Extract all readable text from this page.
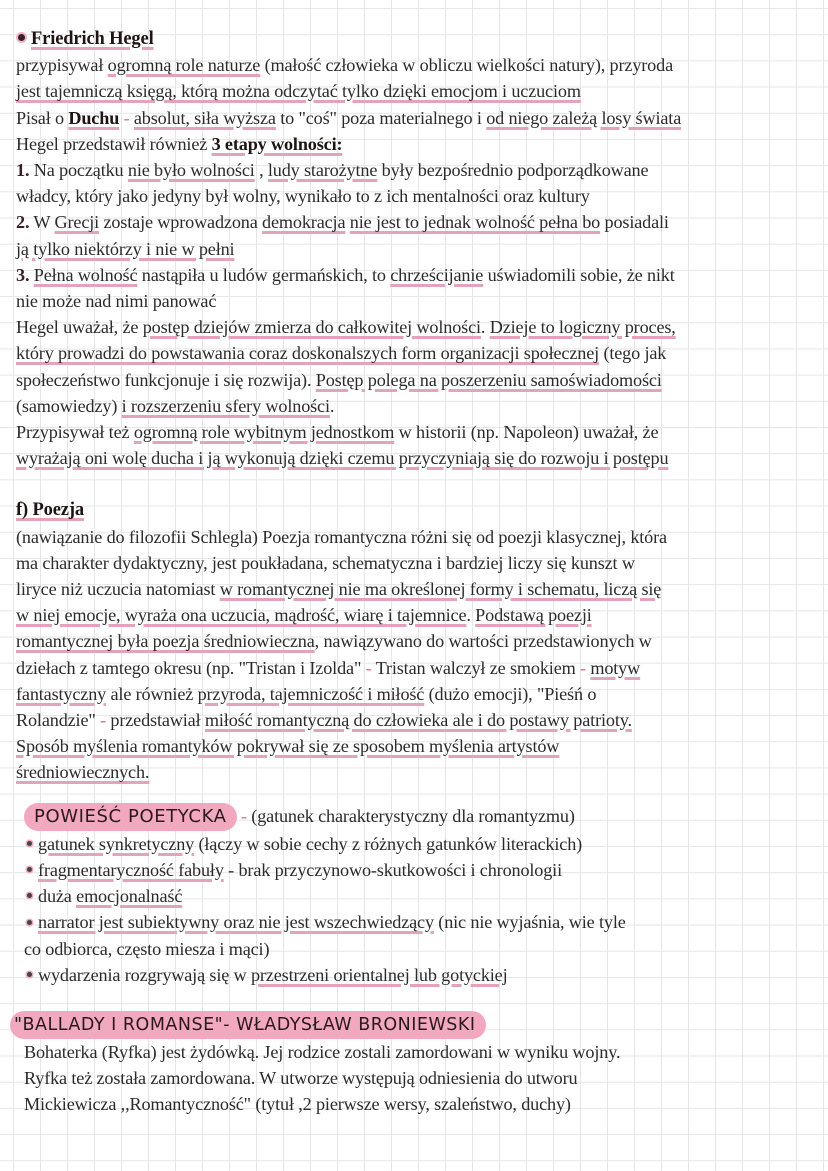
Friedrich Hegel
przypisywał ogromną role naturze (małość człowieka w obliczu wielkości natury), przyroda
jest tajemniczą księgą, którą można odczytać tylko dzięki emocjom i uczuciom
Pisał o Duchu - absolut, siła wyższa to "coś" poza materialnego i od niego zależą losy świata
Hegel przedstawił również 3 etapy wolności:
1. Na początku nie było wolności , ludy starożytne były bezpośrednio podporządkowane
władcy, który jako jedyny był wolny, wynikało to z ich mentalności oraz kultury
2. W Grecji zostaje wprowadzona demokracja nie jest to jednak wolność pełna bo posiadali
ją tylko niektórzy i nie w pełni
3. Pełna wolność nastąpiła u ludów germańskich, to chrześcijanie uświadomili sobie, że nikt
nie może nad nimi panować
Hegel uważał, że postęp dziejów zmierza do całkowitej wolności. Dzieje to logiczny proces,
który prowadzi do powstawania coraz doskonalszych form organizacji społecznej (tego jak
społeczeństwo funkcjonuje i się rozwija). Postęp polega na poszerzeniu samoświadomości
(samowiedzy) i rozszerzeniu sfery wolności.
Przypisywał też ogromną role wybitnym jednostkom w historii (np. Napoleon) uważał, że
wyrażają oni wolę ducha i ją wykonują dzięki czemu przyczyniają się do rozwoju i postępu
f) Poezja
(nawiązanie do filozofii Schlegla) Poezja romantyczna różni się od poezji klasycznej, która
ma charakter dydaktyczny, jest poukładana, schematyczna i bardziej liczy się kunszt w
liryce niż uczucia natomiast w romantycznej nie ma określonej formy i schematu, liczą się
w niej emocje, wyraża ona uczucia, mądrość, wiarę i tajemnice. Podstawą poezji
romantycznej była poezja średniowieczna, nawiązywano do wartości przedstawionych w
dziełach z tamtego okresu (np. "Tristan i Izolda" - Tristan walczył ze smokiem - motyw
fantastyczny ale również przyroda, tajemniczość i miłość (dużo emocji), "Pieśń o
Rolandzie" - przedstawiał miłość romantyczną do człowieka ale i do postawy patrioty.
Sposób myślenia romantyków pokrywał się ze sposobem myślenia artystów
średniowiecznych.
POWIEŚĆ POETYCKA - (gatunek charakterystyczny dla romantyzmu)
gatunek synkretyczny (łączy w sobie cechy z różnych gatunków literackich)
fragmentaryczność fabuły - brak przyczynowo-skutkowości i chronologii
duża emocjonalnaść
narrator jest subiektywny oraz nie jest wszechwiedzący (nic nie wyjaśnia, wie tyle
co odbiorca, często miesza i mąci)
wydarzenia rozgrywają się w przestrzeni orientalnej lub gotyckiej
"BALLADY I ROMANSE"- WŁADYSŁAW BRONIEWSKI
Bohaterka (Ryfka) jest żydówką. Jej rodzice zostali zamordowani w wyniku wojny.
Ryfka też została zamordowana. W utworze występują odniesienia do utworu
Mickiewicza ,,Romantyczność" (tytuł ,2 pierwsze wersy, szaleństwo, duchy)
